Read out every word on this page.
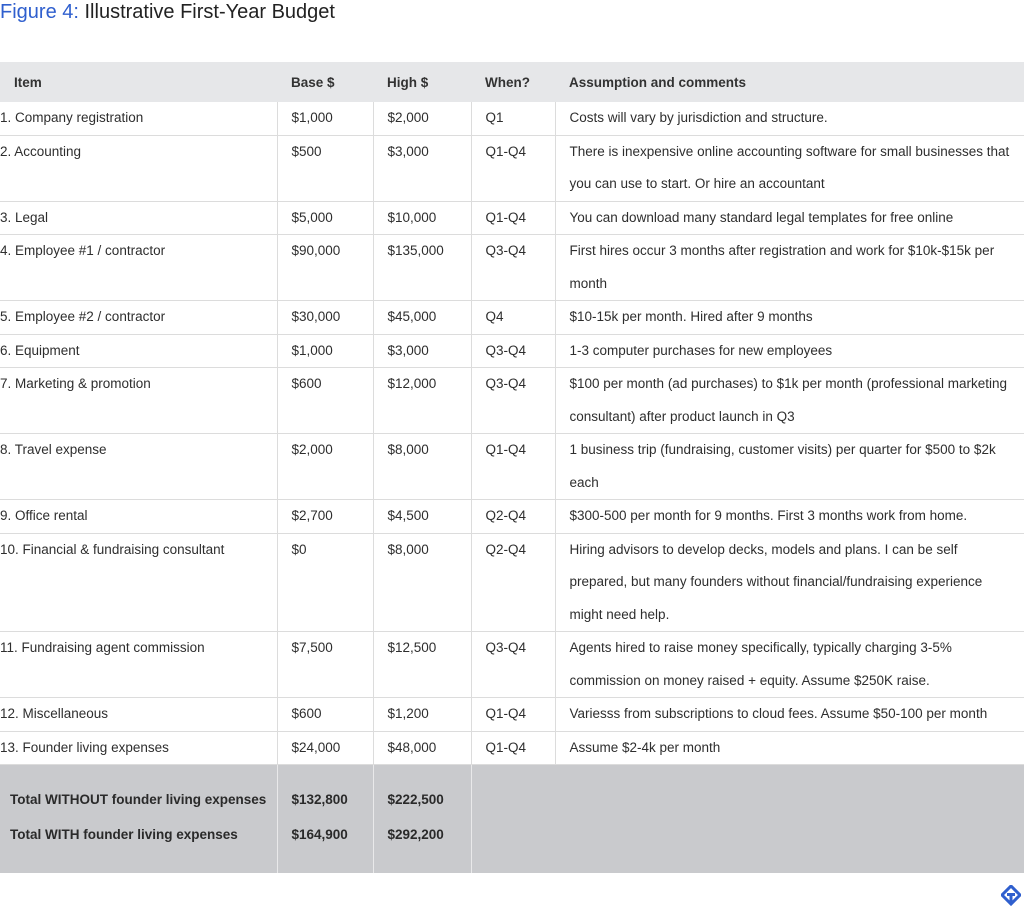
Figure 4: Illustrative First-Year Budget
Item	Base $	High $	When?	Assumption and comments
1. Company registration	$1,000	$2,000	Q1	Costs will vary by jurisdiction and structure.
2. Accounting	$500	$3,000	Q1-Q4	There is inexpensive online accounting software for small businesses that you can use to start. Or hire an accountant
3. Legal	$5,000	$10,000	Q1-Q4	You can download many standard legal templates for free online
4. Employee #1 / contractor	$90,000	$135,000	Q3-Q4	First hires occur 3 months after registration and work for $10k-$15k per month
5. Employee #2 / contractor	$30,000	$45,000	Q4	$10-15k per month. Hired after 9 months
6. Equipment	$1,000	$3,000	Q3-Q4	1-3 computer purchases for new employees
7. Marketing & promotion	$600	$12,000	Q3-Q4	$100 per month (ad purchases) to $1k per month (professional marketing consultant) after product launch in Q3
8. Travel expense	$2,000	$8,000	Q1-Q4	1 business trip (fundraising, customer visits) per quarter for $500 to $2k each
9. Office rental	$2,700	$4,500	Q2-Q4	$300-500 per month for 9 months. First 3 months work from home.
10. Financial & fundraising consultant	$0	$8,000	Q2-Q4	Hiring advisors to develop decks, models and plans. I can be self prepared, but many founders without financial/fundraising experience might need help.
11. Fundraising agent commission	$7,500	$12,500	Q3-Q4	Agents hired to raise money specifically, typically charging 3-5% commission on money raised + equity. Assume $250K raise.
12. Miscellaneous	$600	$1,200	Q1-Q4	Variesss from subscriptions to cloud fees. Assume $50-100 per month
13. Founder living expenses	$24,000	$48,000	Q1-Q4	Assume $2-4k per month
Total WITHOUT founder living expenses	$132,800	$222,500		
Total WITH founder living expenses	$164,900	$292,200		
